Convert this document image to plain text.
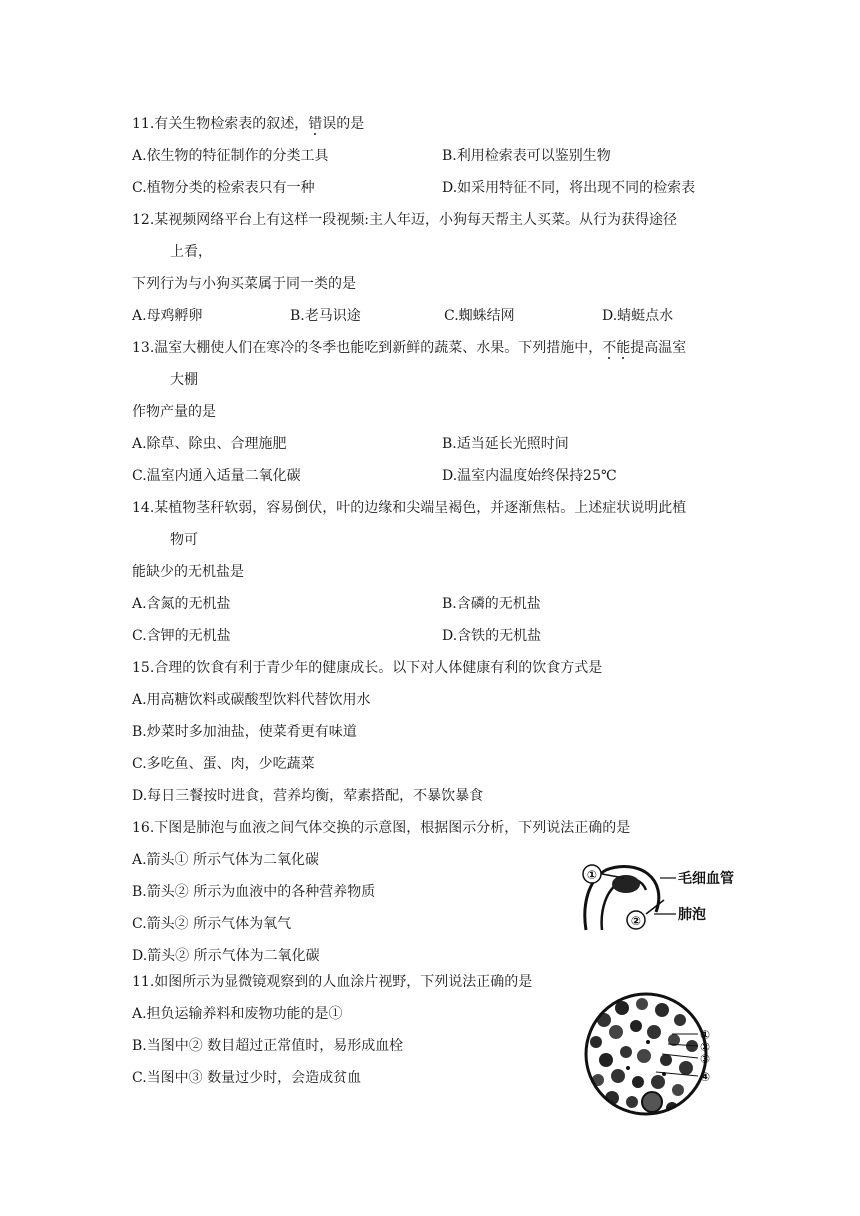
11.有关生物检索表的叙述，错误的是
A.依生物的特征制作的分类工具	B.利用检索表可以鉴别生物
C.植物分类的检索表只有一种	D.如采用特征不同，将出现不同的检索表
12.某视频网络平台上有这样一段视频:主人年迈，小狗每天帮主人买菜。从行为获得途径
上看，
下列行为与小狗买菜属于同一类的是
A.母鸡孵卵	B.老马识途	C.蜘蛛结网	D.蜻蜓点水
13.温室大棚使人们在寒冷的冬季也能吃到新鲜的蔬菜、水果。下列措施中，不能提高温室
大棚
作物产量的是
A.除草、除虫、合理施肥	B.适当延长光照时间
C.温室内通入适量二氧化碳	D.温室内温度始终保持25℃
14.某植物茎秆软弱，容易倒伏，叶的边缘和尖端呈褐色，并逐渐焦枯。上述症状说明此植
物可
能缺少的无机盐是
A.含氮的无机盐	B.含磷的无机盐
C.含钾的无机盐	D.含铁的无机盐
15.合理的饮食有利于青少年的健康成长。以下对人体健康有利的饮食方式是
A.用高糖饮料或碳酸型饮料代替饮用水
B.炒菜时多加油盐，使菜肴更有味道
C.多吃鱼、蛋、肉，少吃蔬菜
D.每日三餐按时进食，营养均衡，荤素搭配，不暴饮暴食
16.下图是肺泡与血液之间气体交换的示意图，根据图示分析，下列说法正确的是
A.箭头① 所示气体为二氧化碳
B.箭头② 所示为血液中的各种营养物质
C.箭头② 所示气体为氧气
D.箭头② 所示气体为二氧化碳
①
②
毛细血管
肺泡
11.如图所示为显微镜观察到的人血涂片视野，下列说法正确的是
A.担负运输养料和废物功能的是①
B.当图中② 数目超过正常值时，易形成血栓
C.当图中③ 数量过少时，会造成贫血
①
②
③
④
